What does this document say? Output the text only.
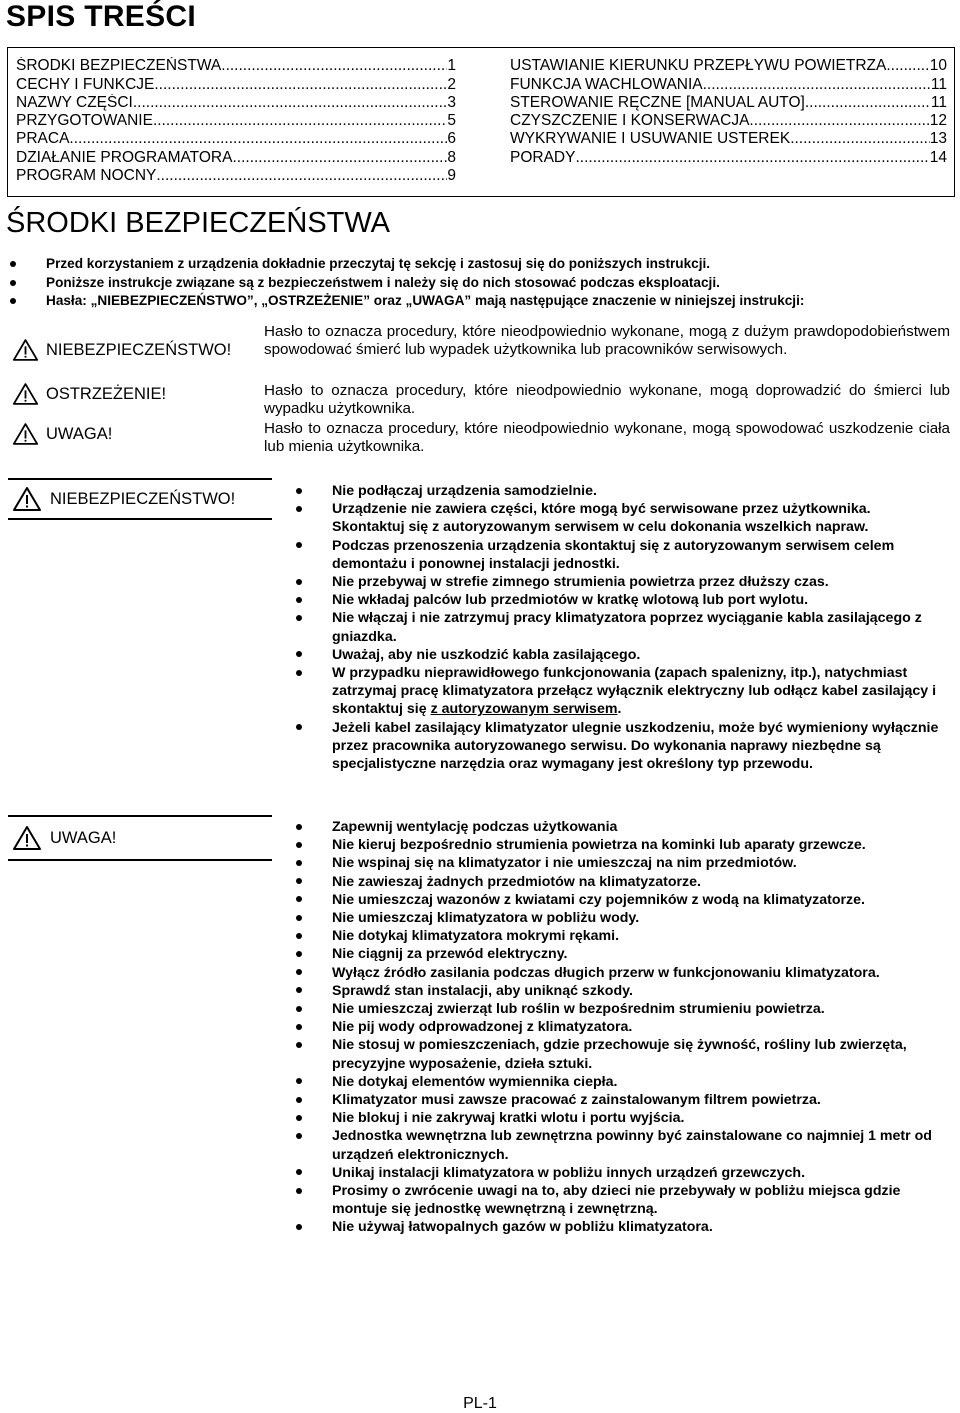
SPIS TREŚCI
ŚRODKI BEZPIECZEŃSTWA .....	1
CECHY I FUNKCJE .....	2
NAZWY CZĘŚCI .....	3
PRZYGOTOWANIE .....	5
PRACA .....	6
DZIAŁANIE PROGRAMATORA .....	8
PROGRAM NOCNY .....	9
USTAWIANIE KIERUNKU PRZEPŁYWU POWIETRZA .....	10
FUNKCJA WACHLOWANIA .....	11
STEROWANIE RĘCZNE [MANUAL AUTO] .....	11
CZYSZCZENIE I KONSERWACJA .....	12
WYKRYWANIE I USUWANIE USTEREK .....	13
PORADY .....	14
ŚRODKI BEZPIECZEŃSTWA
Przed korzystaniem z urządzenia dokładnie przeczytaj tę sekcję i zastosuj się do poniższych instrukcji.
Poniższe instrukcje związane są z bezpieczeństwem i należy się do nich stosować podczas eksploatacji.
Hasła: „NIEBEZPIECZEŃSTWO”, „OSTRZEŻENIE” oraz „UWAGA” mają następujące znaczenie w niniejszej instrukcji:
NIEBEZPIECZEŃSTWO!
Hasło to oznacza procedury, które nieodpowiednio wykonane, mogą z dużym prawdopodobieństwem spowodować śmierć lub wypadek użytkownika lub pracowników serwisowych.
OSTRZEŻENIE!	Hasło to oznacza procedury, które nieodpowiednio wykonane, mogą doprowadzić do śmierci lub wypadku użytkownika.
UWAGA!	Hasło to oznacza procedury, które nieodpowiednio wykonane, mogą spowodować uszkodzenie ciała lub mienia użytkownika.
NIEBEZPIECZEŃSTWO!	Nie podłączaj urządzenia samodzielnie.
Urządzenie nie zawiera części, które mogą być serwisowane przez użytkownika. Skontaktuj się z autoryzowanym serwisem w celu dokonania wszelkich napraw.
Podczas przenoszenia urządzenia skontaktuj się z autoryzowanym serwisem celem demontażu i ponownej instalacji jednostki.
Nie przebywaj w strefie zimnego strumienia powietrza przez dłuższy czas.
Nie wkładaj palców lub przedmiotów w kratkę wlotową lub port wylotu.
Nie włączaj i nie zatrzymuj pracy klimatyzatora poprzez wyciąganie kabla zasilającego z gniazdka.
Uważaj, aby nie uszkodzić kabla zasilającego.
W przypadku nieprawidłowego funkcjonowania (zapach spalenizny, itp.), natychmiast zatrzymaj pracę klimatyzatora przełącz wyłącznik elektryczny lub odłącz kabel zasilający i skontaktuj się z autoryzowanym serwisem.
Jeżeli kabel zasilający klimatyzator ulegnie uszkodzeniu, może być wymieniony wyłącznie przez pracownika autoryzowanego serwisu. Do wykonania naprawy niezbędne są specjalistyczne narzędzia oraz wymagany jest określony typ przewodu.
UWAGA!
Zapewnij wentylację podczas użytkowania
Nie kieruj bezpośrednio strumienia powietrza na kominki lub aparaty grzewcze.
Nie wspinaj się na klimatyzator i nie umieszczaj na nim przedmiotów.
Nie zawieszaj żadnych przedmiotów na klimatyzatorze.
Nie umieszczaj wazonów z kwiatami czy pojemników z wodą na klimatyzatorze.
Nie umieszczaj klimatyzatora w pobliżu wody.
Nie dotykaj klimatyzatora mokrymi rękami.
Nie ciągnij za przewód elektryczny.
Wyłącz źródło zasilania podczas długich przerw w funkcjonowaniu klimatyzatora.
Sprawdź stan instalacji, aby uniknąć szkody.
Nie umieszczaj zwierząt lub roślin w bezpośrednim strumieniu powietrza.
Nie pij wody odprowadzonej z klimatyzatora.
Nie stosuj w pomieszczeniach, gdzie przechowuje się żywność, rośliny lub zwierzęta, precyzyjne wyposażenie, dzieła sztuki.
Nie dotykaj elementów wymiennika ciepła.
Klimatyzator musi zawsze pracować z zainstalowanym filtrem powietrza.
Nie blokuj i nie zakrywaj kratki wlotu i portu wyjścia.
Jednostka wewnętrzna lub zewnętrzna powinny być zainstalowane co najmniej 1 metr od urządzeń elektronicznych.
Unikaj instalacji klimatyzatora w pobliżu innych urządzeń grzewczych.
Prosimy o zwrócenie uwagi na to, aby dzieci nie przebywały w pobliżu miejsca gdzie montuje się jednostkę wewnętrzną i zewnętrzną.
Nie używaj łatwopalnych gazów w pobliżu klimatyzatora.
PL-1
